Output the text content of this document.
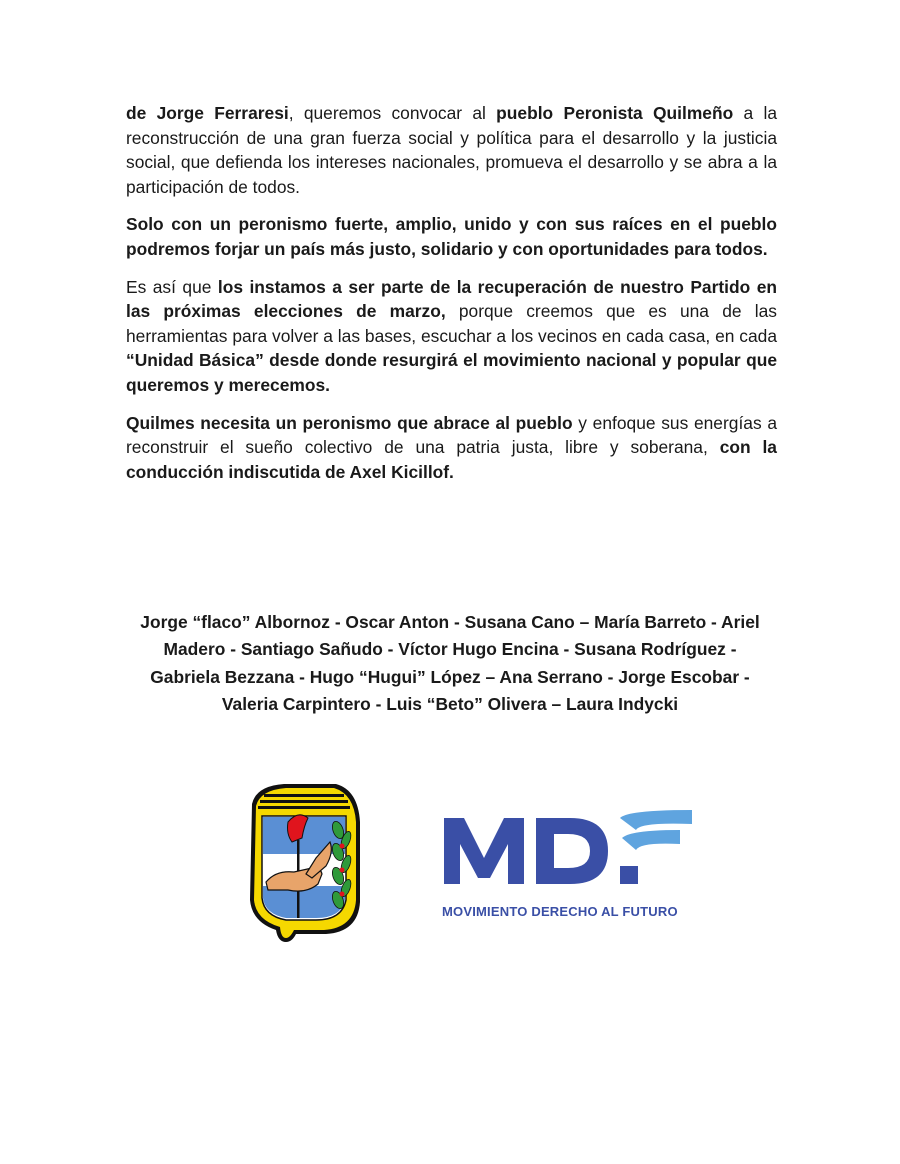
de Jorge Ferraresi, queremos convocar al pueblo Peronista Quilmeño a la reconstrucción de una gran fuerza social y política para el desarrollo y la justicia social, que defienda los intereses nacionales, promueva el desarrollo y se abra a la participación de todos.

Solo con un peronismo fuerte, amplio, unido y con sus raíces en el pueblo podremos forjar un país más justo, solidario y con oportunidades para todos.

Es así que los instamos a ser parte de la recuperación de nuestro Partido en las próximas elecciones de marzo, porque creemos que es una de las herramientas para volver a las bases, escuchar a los vecinos en cada casa, en cada “Unidad Básica” desde donde resurgirá el movimiento nacional y popular que queremos y merecemos.

Quilmes necesita un peronismo que abrace al pueblo y enfoque sus energías a reconstruir el sueño colectivo de una patria justa, libre y soberana, con la conducción indiscutida de Axel Kicillof.

Jorge “flaco” Albornoz - Oscar Anton - Susana Cano – María Barreto - Ariel
Madero - Santiago Sañudo - Víctor Hugo Encina - Susana Rodríguez -
Gabriela Bezzana - Hugo “Hugui” López – Ana Serrano - Jorge Escobar -
Valeria Carpintero - Luis “Beto” Olivera – Laura Indycki
MOVIMIENTO DERECHO AL FUTURO
